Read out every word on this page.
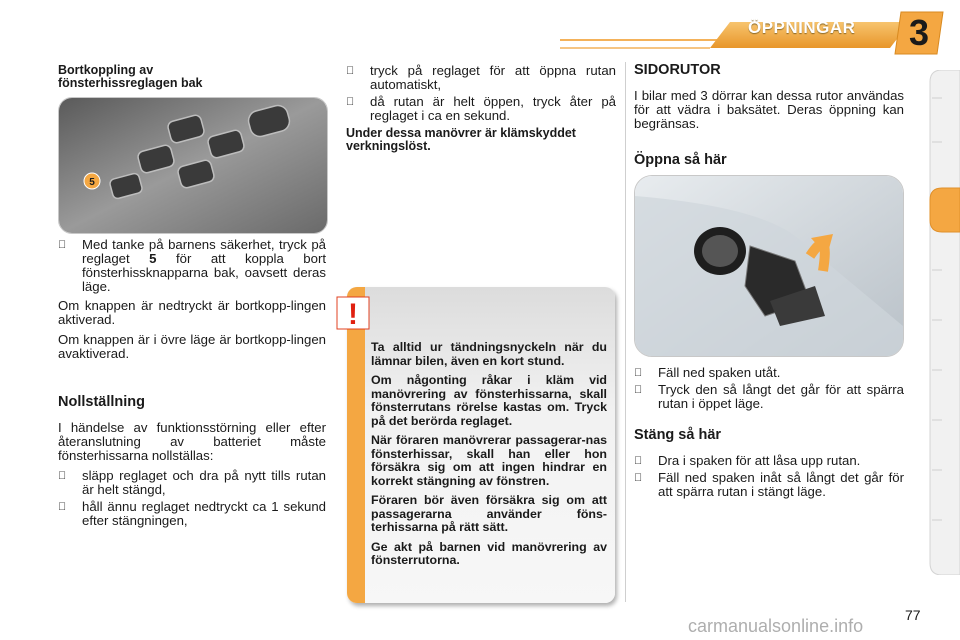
ÖPPNINGAR	3
Bortkoppling av
fönsterhissreglagen bak
5
Med tanke på barnens säkerhet, tryck på reglaget 5 för att koppla bort fönsterhissknapparna bak, oavsett deras läge.

Om knappen är nedtryckt är bortkopp-lingen aktiverad.

Om knappen är i övre läge är bortkopp-lingen avaktiverad.

Nollställning

I händelse av funktionsstörning eller efter återanslutning av batteriet måste fönsterhissarna nollställas:

släpp reglaget och dra på nytt tills rutan är helt stängd,
håll ännu reglaget nedtryckt ca 1 sekund efter stängningen,
tryck på reglaget för att öppna rutan automatiskt,
då rutan är helt öppen, tryck åter på reglaget i ca en sekund.
Under dessa manövrer är klämskyddet verkningslöst.
!

Ta alltid ur tändningsnyckeln när du lämnar bilen, även en kort stund.

Om någonting råkar i kläm vid manövrering av fönsterhissarna, skall fönsterrutans rörelse kastas om. Tryck på det berörda reglaget.

När föraren manövrerar passagerar-nas fönsterhissar, skall han eller hon försäkra sig om att ingen hindrar en korrekt stängning av fönstren.

Föraren bör även försäkra sig om att passagerarna använder föns-terhissarna på rätt sätt.

Ge akt på barnen vid manövrering av fönsterrutorna.

SIDORUTOR

I bilar med 3 dörrar kan dessa rutor användas för att vädra i baksätet. Deras öppning kan begränsas.

Öppna så här
Fäll ned spaken utåt.
Tryck den så långt det går för att spärra rutan i öppet läge.
Stäng så här
Dra i spaken för att låsa upp rutan.
Fäll ned spaken inåt så långt det går för att spärra rutan i stängt läge.
77
carmanualsonline.info
